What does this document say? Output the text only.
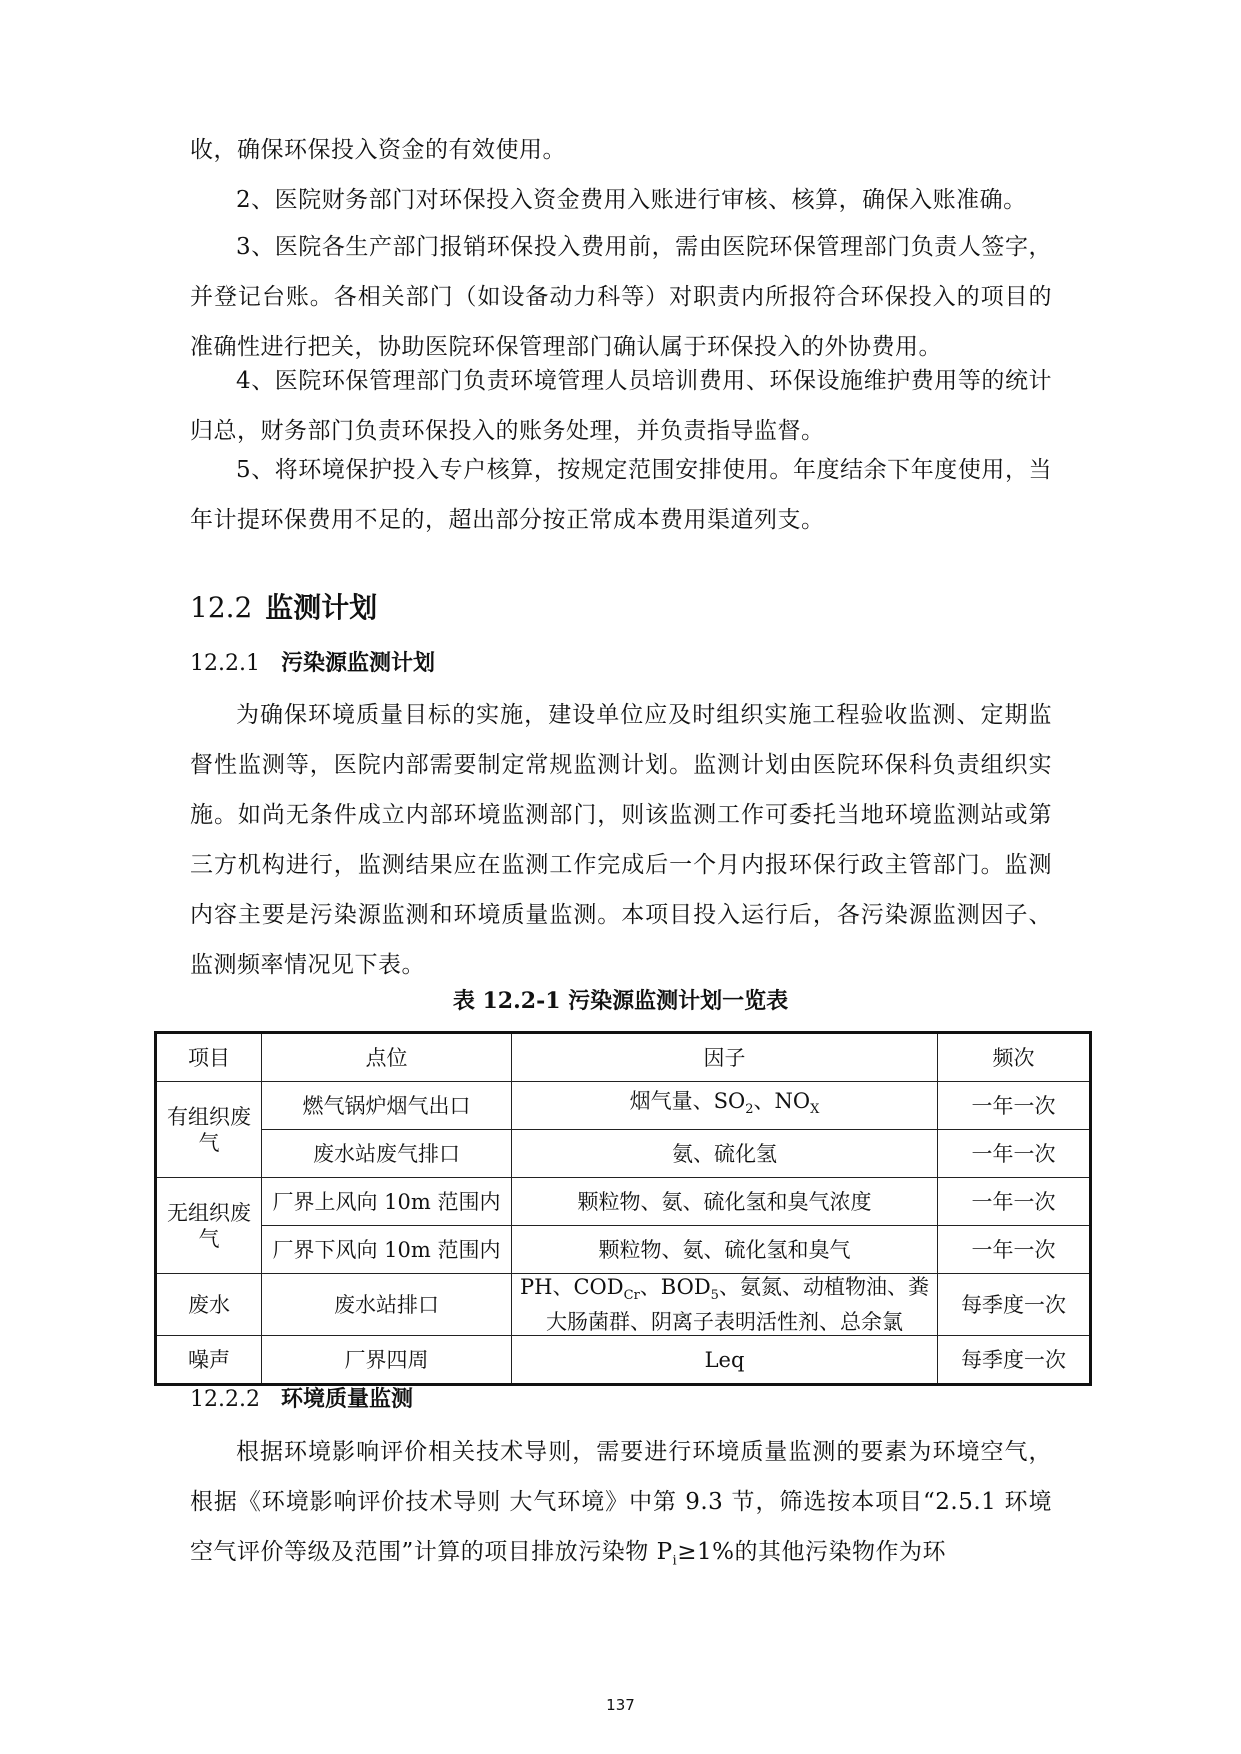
收，确保环保投入资金的有效使用。

2、医院财务部门对环保投入资金费用入账进行审核、核算，确保入账准确。

3、医院各生产部门报销环保投入费用前，需由医院环保管理部门负责人签字，并登记台账。各相关部门（如设备动力科等）对职责内所报符合环保投入的项目的准确性进行把关，协助医院环保管理部门确认属于环保投入的外协费用。

4、医院环保管理部门负责环境管理人员培训费用、环保设施维护费用等的统计归总，财务部门负责环保投入的账务处理，并负责指导监督。

5、将环境保护投入专户核算，按规定范围安排使用。年度结余下年度使用，当年计提环保费用不足的，超出部分按正常成本费用渠道列支。

12.2 监测计划
12.2.1 污染源监测计划

为确保环境质量目标的实施，建设单位应及时组织实施工程验收监测、定期监督性监测等，医院内部需要制定常规监测计划。监测计划由医院环保科负责组织实施。如尚无条件成立内部环境监测部门，则该监测工作可委托当地环境监测站或第三方机构进行，监测结果应在监测工作完成后一个月内报环保行政主管部门。监测内容主要是污染源监测和环境质量监测。本项目投入运行后，各污染源监测因子、监测频率情况见下表。

表 12.2-1 污染源监测计划一览表

项目	点位	因子	频次
有组织废气	燃气锅炉烟气出口	烟气量、$SO_2$、$NO_X$	一年一次
	废水站废气排口	氨、硫化氢	一年一次
无组织废气	厂界上风向 10m 范围内	颗粒物、氨、硫化氢和臭气浓度	一年一次
	厂界下风向 10m 范围内	颗粒物、氨、硫化氢和臭气	一年一次
废水	废水站排口	PH、$COD_{Cr}$、$BOD_5$、氨氮、动植物油、粪大肠菌群、阴离子表明活性剂、总余氯	每季度一次
噪声	厂界四周	Leq	每季度一次
12.2.2 环境质量监测

根据环境影响评价相关技术导则，需要进行环境质量监测的要素为环境空气，根据《环境影响评价技术导则 大气环境》中第 9.3 节，筛选按本项目“2.5.1 环境空气评价等级及范围”计算的项目排放污染物 $P_i\ge 1\%$的其他污染物作为环

137
